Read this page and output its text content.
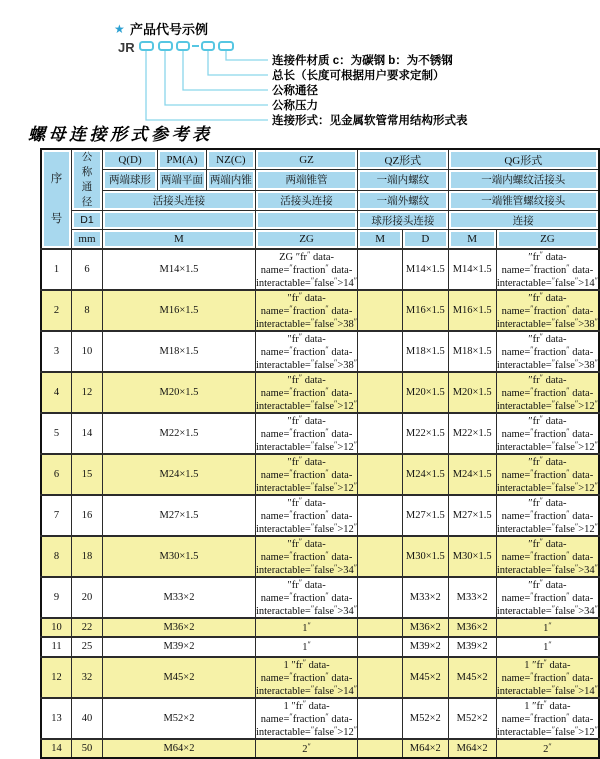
★ 产品代号示例
JR
连接件材质 c：为碳钢 b：为不锈钢
总长（长度可根据用户要求定制）
公称通径
公称压力
连接形式：见金属软管常用结构形式表
螺母连接形式参考表
序号	公称通径	Q(D)	PM(A)	NZ(C)	GZ	QZ形式		QG形式	
		两端球形	两端平面	两端内锥	两端锥管	一端内螺纹		一端内螺纹活接头	
		活接头连接			活接头连接	一端外螺纹		一端锥管螺纹接头	
	D1					球形接头连接		连接	
	mm	M			ZG	M	D	M	ZG
1	6	M14×1.5			ZG ″fr″ data-name=″fraction″ data-interactable=″false″>14″		M14×1.5	M14×1.5	″fr″ data-name=″fraction″ data-interactable=″false″>14″
2	8	M16×1.5			″fr″ data-name=″fraction″ data-interactable=″false″>38″		M16×1.5	M16×1.5	″fr″ data-name=″fraction″ data-interactable=″false″>38″
3	10	M18×1.5			″fr″ data-name=″fraction″ data-interactable=″false″>38″		M18×1.5	M18×1.5	″fr″ data-name=″fraction″ data-interactable=″false″>38″
4	12	M20×1.5			″fr″ data-name=″fraction″ data-interactable=″false″>12″		M20×1.5	M20×1.5	″fr″ data-name=″fraction″ data-interactable=″false″>12″
5	14	M22×1.5			″fr″ data-name=″fraction″ data-interactable=″false″>12″		M22×1.5	M22×1.5	″fr″ data-name=″fraction″ data-interactable=″false″>12″
6	15	M24×1.5			″fr″ data-name=″fraction″ data-interactable=″false″>12″		M24×1.5	M24×1.5	″fr″ data-name=″fraction″ data-interactable=″false″>12″
7	16	M27×1.5			″fr″ data-name=″fraction″ data-interactable=″false″>12″		M27×1.5	M27×1.5	″fr″ data-name=″fraction″ data-interactable=″false″>12″
8	18	M30×1.5			″fr″ data-name=″fraction″ data-interactable=″false″>34″		M30×1.5	M30×1.5	″fr″ data-name=″fraction″ data-interactable=″false″>34″
9	20	M33×2			″fr″ data-name=″fraction″ data-interactable=″false″>34″		M33×2	M33×2	″fr″ data-name=″fraction″ data-interactable=″false″>34″
10	22	M36×2			1″		M36×2	M36×2	1″
11	25	M39×2			1″		M39×2	M39×2	1″
12	32	M45×2			1 ″fr″ data-name=″fraction″ data-interactable=″false″>14″		M45×2	M45×2	1 ″fr″ data-name=″fraction″ data-interactable=″false″>14″
13	40	M52×2			1 ″fr″ data-name=″fraction″ data-interactable=″false″>12″		M52×2	M52×2	1 ″fr″ data-name=″fraction″ data-interactable=″false″>12″
14	50	M64×2			2″		M64×2	M64×2	2″
